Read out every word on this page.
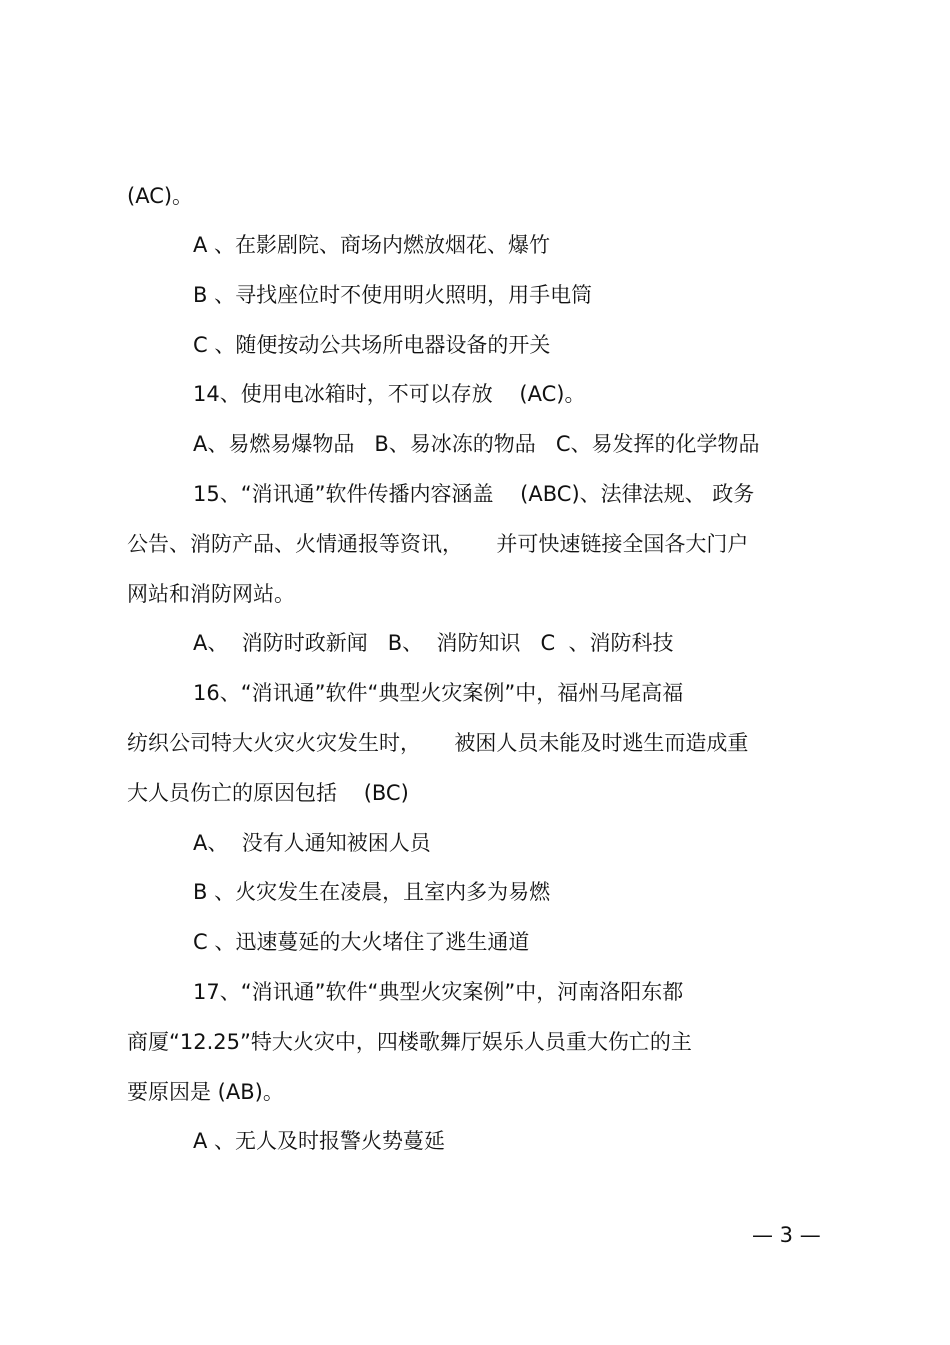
(AC)。
A 、在影剧院、商场内燃放烟花、爆竹
B 、寻找座位时不使用明火照明，用手电筒
C 、随便按动公共场所电器设备的开关
14、使用电冰箱时，不可以存放    (AC)。
A、易燃易爆物品   B、易冰冻的物品   C、易发挥的化学物品
15、“消讯通”软件传播内容涵盖    (ABC)、法律法规、 政务
公告、消防产品、火情通报等资讯，     并可快速链接全国各大门户
网站和消防网站。
A、  消防时政新闻   B、  消防知识   C  、消防科技
16、“消讯通”软件“典型火灾案例”中，福州马尾高福
纺织公司特大火灾火灾发生时，     被困人员未能及时逃生而造成重
大人员伤亡的原因包括    (BC)
A、  没有人通知被困人员
B 、火灾发生在凌晨，且室内多为易燃
C 、迅速蔓延的大火堵住了逃生通道
17、“消讯通”软件“典型火灾案例”中，河南洛阳东都
商厦“12.25”特大火灾中，四楼歌舞厅娱乐人员重大伤亡的主
要原因是 (AB)。
A 、无人及时报警火势蔓延
— 3 —
